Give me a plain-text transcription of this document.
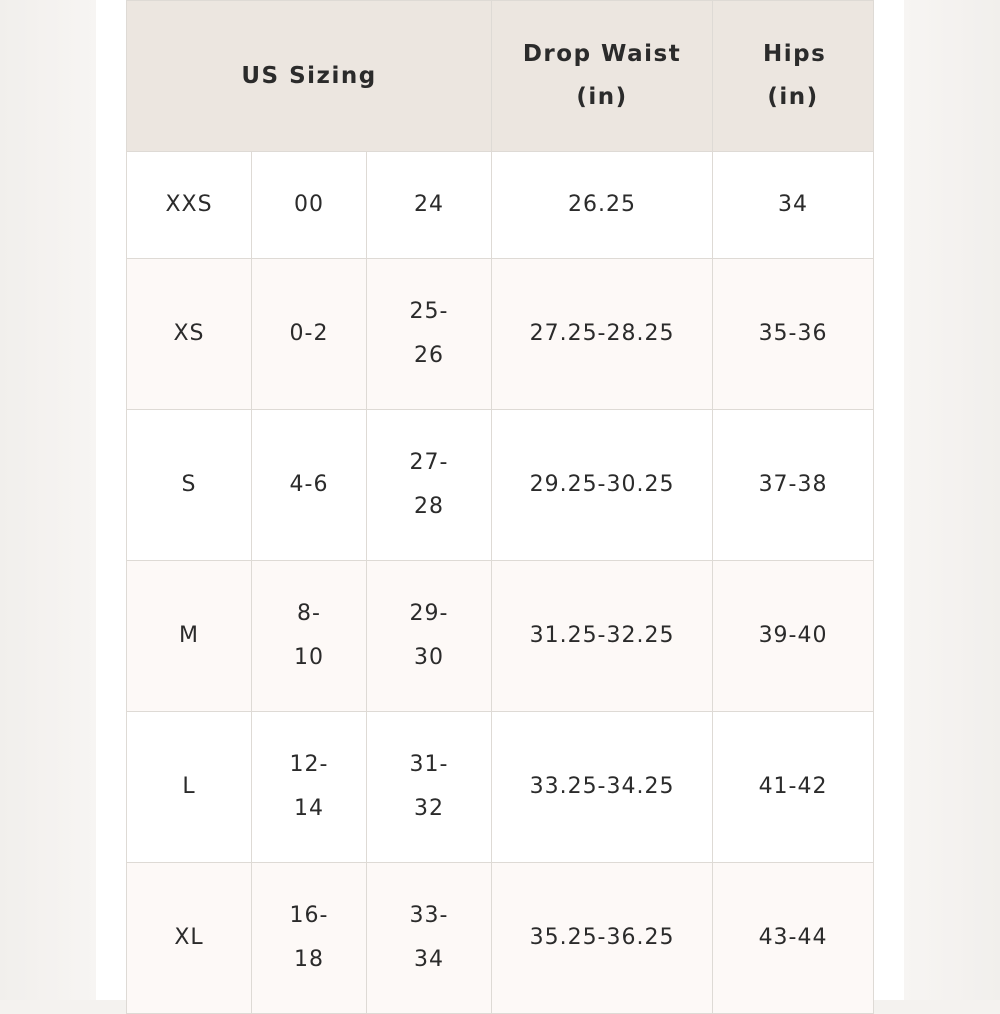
US Sizing			Drop Waist (in)	Hips (in)
XXS	00	24	26.25	34
XS	0-2	25-26	27.25-28.25	35-36
S	4-6	27-28	29.25-30.25	37-38
M	8-10	29-30	31.25-32.25	39-40
L	12-14	31-32	33.25-34.25	41-42
XL	16-18	33-34	35.25-36.25	43-44
